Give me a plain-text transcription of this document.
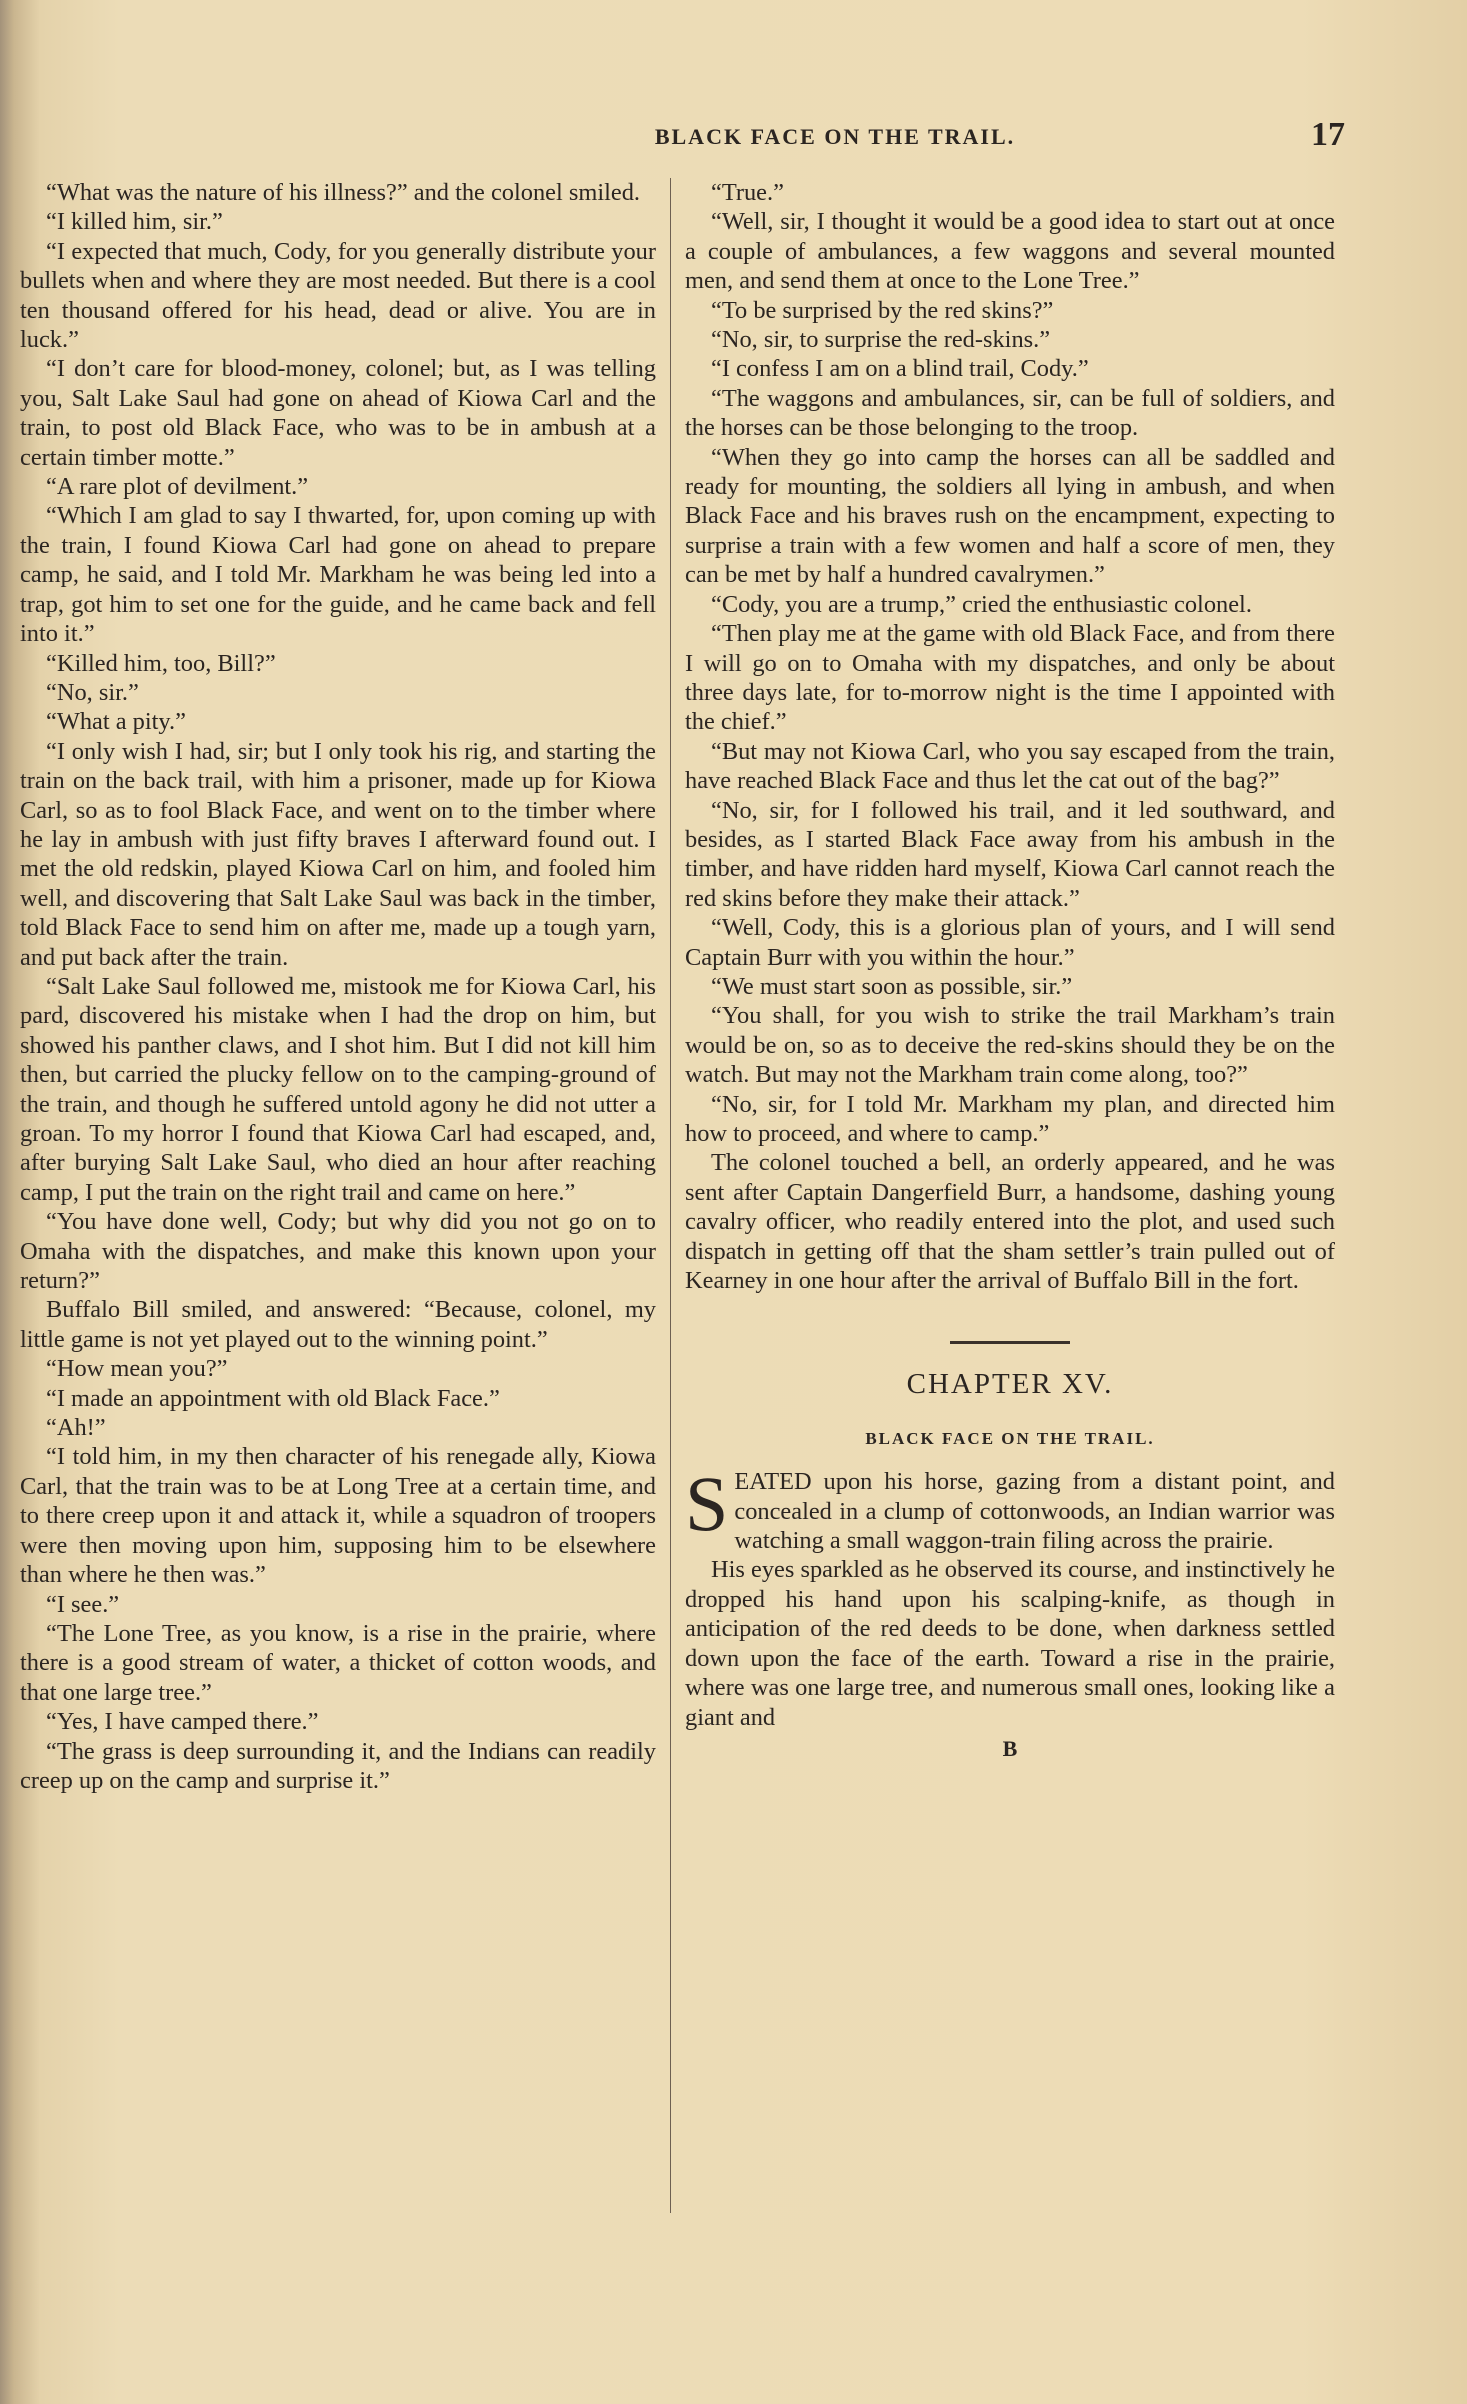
BLACK FACE ON THE TRAIL.	17

“What was the nature of his illness?” and the colonel smiled.

“I killed him, sir.”

“I expected that much, Cody, for you generally distribute your bullets when and where they are most needed. But there is a cool ten thousand offered for his head, dead or alive. You are in luck.”

“I don’t care for blood-money, colonel; but, as I was telling you, Salt Lake Saul had gone on ahead of Kiowa Carl and the train, to post old Black Face, who was to be in ambush at a certain timber motte.”

“A rare plot of devilment.”

“Which I am glad to say I thwarted, for, upon coming up with the train, I found Kiowa Carl had gone on ahead to prepare camp, he said, and I told Mr. Markham he was being led into a trap, got him to set one for the guide, and he came back and fell into it.”

“Killed him, too, Bill?”

“No, sir.”

“What a pity.”

“I only wish I had, sir; but I only took his rig, and starting the train on the back trail, with him a prisoner, made up for Kiowa Carl, so as to fool Black Face, and went on to the timber where he lay in ambush with just fifty braves I afterward found out. I met the old redskin, played Kiowa Carl on him, and fooled him well, and discovering that Salt Lake Saul was back in the timber, told Black Face to send him on after me, made up a tough yarn, and put back after the train.

“Salt Lake Saul followed me, mistook me for Kiowa Carl, his pard, discovered his mistake when I had the drop on him, but showed his panther claws, and I shot him. But I did not kill him then, but carried the plucky fellow on to the camping-ground of the train, and though he suffered untold agony he did not utter a groan. To my horror I found that Kiowa Carl had escaped, and, after burying Salt Lake Saul, who died an hour after reaching camp, I put the train on the right trail and came on here.”

“You have done well, Cody; but why did you not go on to Omaha with the dispatches, and make this known upon your return?”

Buffalo Bill smiled, and answered: “Because, colonel, my little game is not yet played out to the winning point.”

“How mean you?”

“I made an appointment with old Black Face.”

“Ah!”

“I told him, in my then character of his renegade ally, Kiowa Carl, that the train was to be at Long Tree at a certain time, and to there creep upon it and attack it, while a squadron of troopers were then moving upon him, supposing him to be elsewhere than where he then was.”

“I see.”

“The Lone Tree, as you know, is a rise in the prairie, where there is a good stream of water, a thicket of cotton woods, and that one large tree.”

“Yes, I have camped there.”

“The grass is deep surrounding it, and the Indians can readily creep up on the camp and surprise it.”

“True.”

“Well, sir, I thought it would be a good idea to start out at once a couple of ambulances, a few waggons and several mounted men, and send them at once to the Lone Tree.”

“To be surprised by the red skins?”

“No, sir, to surprise the red-skins.”

“I confess I am on a blind trail, Cody.”

“The waggons and ambulances, sir, can be full of soldiers, and the horses can be those belonging to the troop.

“When they go into camp the horses can all be saddled and ready for mounting, the soldiers all lying in ambush, and when Black Face and his braves rush on the encampment, expecting to surprise a train with a few women and half a score of men, they can be met by half a hundred cavalrymen.”

“Cody, you are a trump,” cried the enthusiastic colonel.

“Then play me at the game with old Black Face, and from there I will go on to Omaha with my dispatches, and only be about three days late, for to-morrow night is the time I appointed with the chief.”

“But may not Kiowa Carl, who you say escaped from the train, have reached Black Face and thus let the cat out of the bag?”

“No, sir, for I followed his trail, and it led southward, and besides, as I started Black Face away from his ambush in the timber, and have ridden hard myself, Kiowa Carl cannot reach the red skins before they make their attack.”

“Well, Cody, this is a glorious plan of yours, and I will send Captain Burr with you within the hour.”

“We must start soon as possible, sir.”

“You shall, for you wish to strike the trail Markham’s train would be on, so as to deceive the red-skins should they be on the watch. But may not the Markham train come along, too?”

“No, sir, for I told Mr. Markham my plan, and directed him how to proceed, and where to camp.”

The colonel touched a bell, an orderly appeared, and he was sent after Captain Dangerfield Burr, a handsome, dashing young cavalry officer, who readily entered into the plot, and used such dispatch in getting off that the sham settler’s train pulled out of Kearney in one hour after the arrival of Buffalo Bill in the fort.

CHAPTER XV.
BLACK FACE ON THE TRAIL.

SEATED upon his horse, gazing from a distant point, and concealed in a clump of cottonwoods, an Indian warrior was watching a small waggon-train filing across the prairie.

His eyes sparkled as he observed its course, and instinctively he dropped his hand upon his scalping-knife, as though in anticipation of the red deeds to be done, when darkness settled down upon the face of the earth. Toward a rise in the prairie, where was one large tree, and numerous small ones, looking like a giant and

B
